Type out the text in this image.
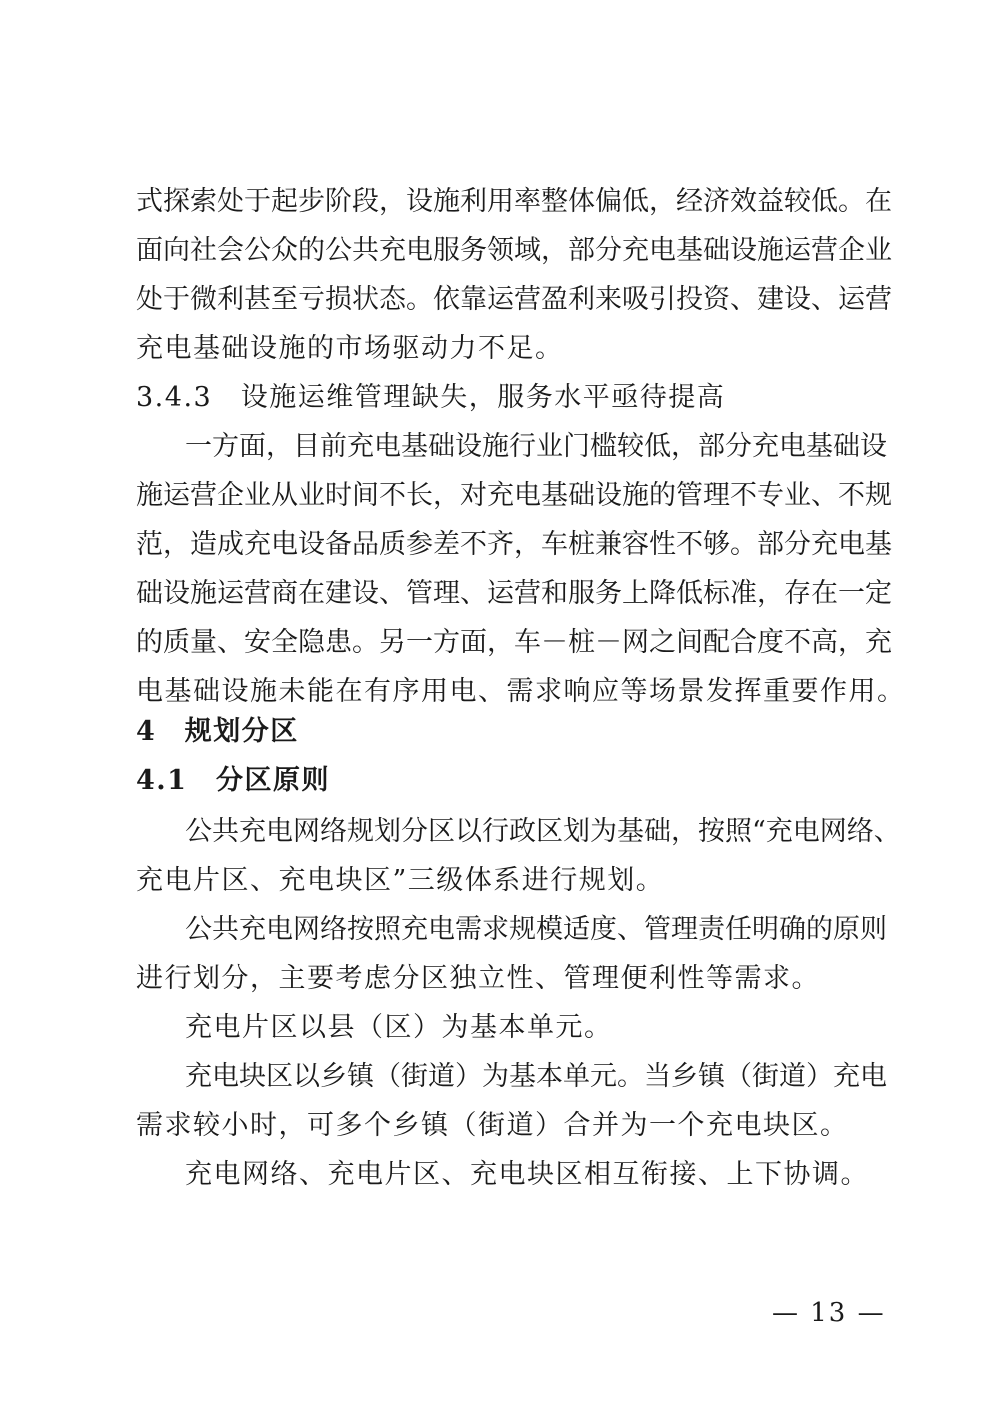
式探索处于起步阶段，设施利用率整体偏低，经济效益较低。在
面向社会公众的公共充电服务领域，部分充电基础设施运营企业
处于微利甚至亏损状态。依靠运营盈利来吸引投资、建设、运营
充电基础设施的市场驱动力不足。
3.4.3　设施运维管理缺失，服务水平亟待提高
一方面，目前充电基础设施行业门槛较低，部分充电基础设
施运营企业从业时间不长，对充电基础设施的管理不专业、不规
范，造成充电设备品质参差不齐，车桩兼容性不够。部分充电基
础设施运营商在建设、管理、运营和服务上降低标准，存在一定
的质量、安全隐患。另一方面，车－桩－网之间配合度不高，充
电基础设施未能在有序用电、需求响应等场景发挥重要作用。
4　规划分区
4.1　分区原则
公共充电网络规划分区以行政区划为基础，按照“充电网络、
充电片区、充电块区”三级体系进行规划。
公共充电网络按照充电需求规模适度、管理责任明确的原则
进行划分，主要考虑分区独立性、管理便利性等需求。
充电片区以县（区）为基本单元。
充电块区以乡镇（街道）为基本单元。当乡镇（街道）充电
需求较小时，可多个乡镇（街道）合并为一个充电块区。
充电网络、充电片区、充电块区相互衔接、上下协调。
— 13 —
